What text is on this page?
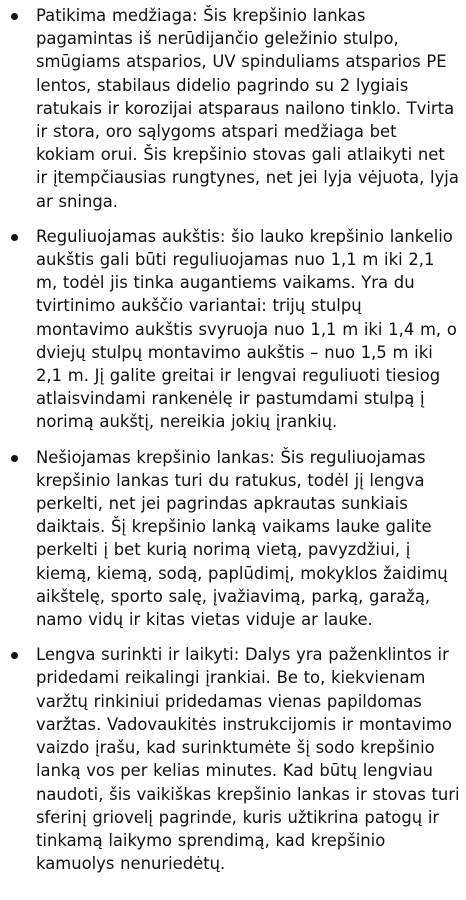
Patikima medžiaga: Šis krepšinio lankas pagamintas iš nerūdijančio geležinio stulpo, smūgiams atsparios, UV spinduliams atsparios PE lentos, stabilaus didelio pagrindo su 2 lygiais ratukais ir korozijai atsparaus nailono tinklo. Tvirta ir stora, oro sąlygoms atspari medžiaga bet kokiam orui. Šis krepšinio stovas gali atlaikyti net ir įtempčiausias rungtynes, net jei lyja vėjuota, lyja ar sninga.
Reguliuojamas aukštis: šio lauko krepšinio lankelio aukštis gali būti reguliuojamas nuo 1,1 m iki 2,1 m, todėl jis tinka augantiems vaikams. Yra du tvirtinimo aukščio variantai: trijų stulpų montavimo aukštis svyruoja nuo 1,1 m iki 1,4 m, o dviejų stulpų montavimo aukštis – nuo 1,5 m iki 2,1 m. Jį galite greitai ir lengvai reguliuoti tiesiog atlaisvindami rankenėlę ir pastumdami stulpą į norimą aukštį, nereikia jokių įrankių.
Nešiojamas krepšinio lankas: Šis reguliuojamas krepšinio lankas turi du ratukus, todėl jį lengva perkelti, net jei pagrindas apkrautas sunkiais daiktais. Šį krepšinio lanką vaikams lauke galite perkelti į bet kurią norimą vietą, pavyzdžiui, į kiemą, kiemą, sodą, paplūdimį, mokyklos žaidimų aikštelę, sporto salę, įvažiavimą, parką, garažą, namo vidų ir kitas vietas viduje ar lauke.
Lengva surinkti ir laikyti: Dalys yra paženklintos ir pridedami reikalingi įrankiai. Be to, kiekvienam varžtų rinkiniui pridedamas vienas papildomas varžtas. Vadovaukitės instrukcijomis ir montavimo vaizdo įrašu, kad surinktumėte šį sodo krepšinio lanką vos per kelias minutes. Kad būtų lengviau naudoti, šis vaikiškas krepšinio lankas ir stovas turi sferinį griovelį pagrinde, kuris užtikrina patogų ir tinkamą laikymo sprendimą, kad krepšinio kamuolys nenuriedėtų.
